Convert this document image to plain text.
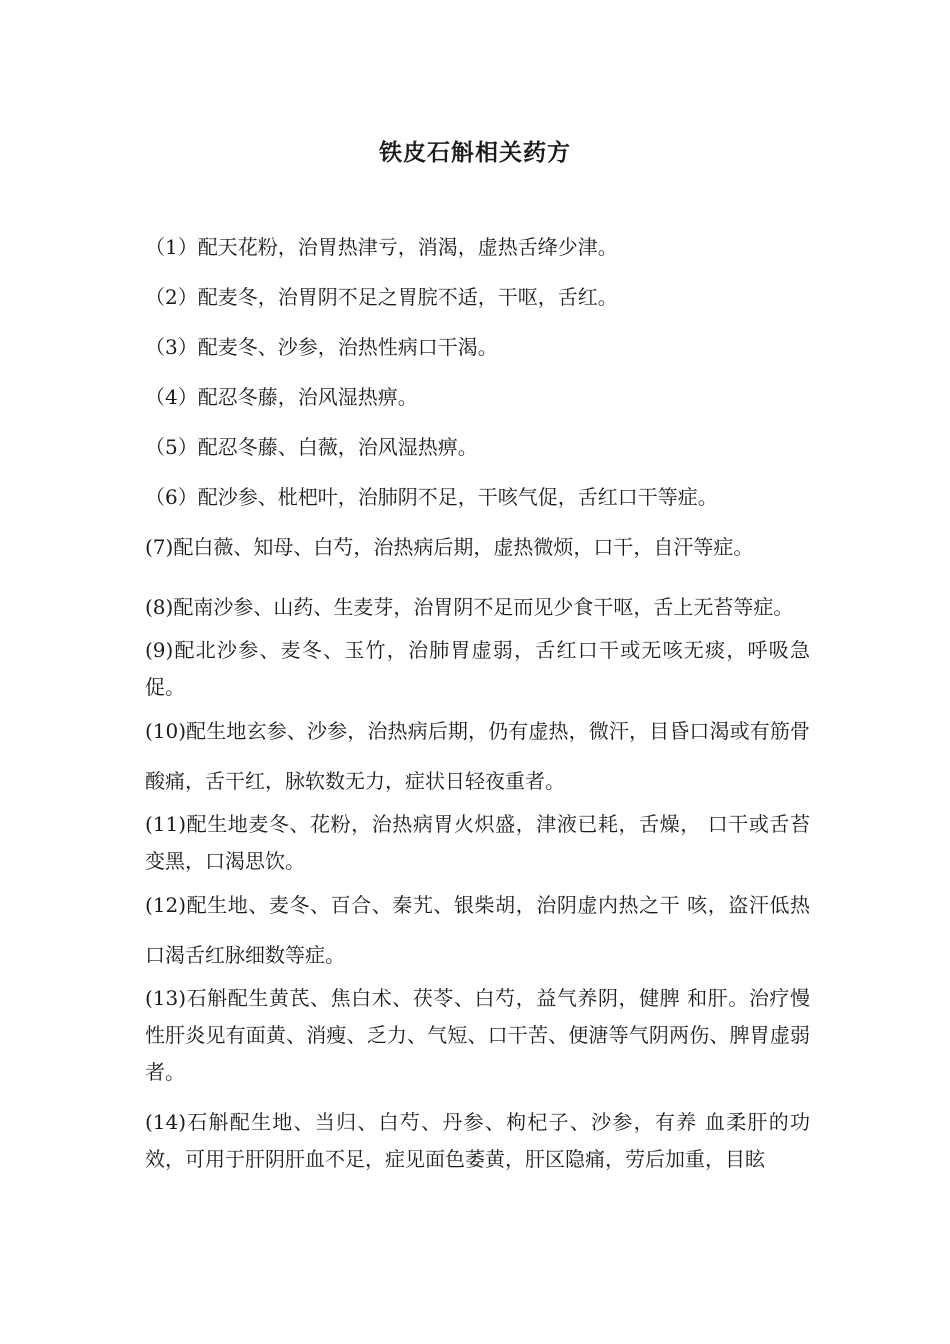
铁皮石斛相关药方

（1）配天花粉，治胃热津亏，消渴，虚热舌绛少津。

（2）配麦冬，治胃阴不足之胃脘不适，干呕，舌红。

（3）配麦冬、沙参，治热性病口干渴。

（4）配忍冬藤，治风湿热痹。

（5）配忍冬藤、白薇，治风湿热痹。

（6）配沙参、枇杷叶，治肺阴不足，干咳气促，舌红口干等症。

(7)配白薇、知母、白芍，治热病后期，虚热微烦，口干，自汗等症。

(8)配南沙参、山药、生麦芽，治胃阴不足而见少食干呕，舌上无苔等症。

(9)配北沙参、麦冬、玉竹，治肺胃虚弱，舌红口干或无咳无痰，呼吸急促。

(10)配生地玄参、沙参，治热病后期，仍有虚热，微汗，目昏口渴或有筋骨酸痛，舌干红，脉软数无力，症状日轻夜重者。

(11)配生地麦冬、花粉，治热病胃火炽盛，津液已耗，舌燥， 口干或舌苔变黑，口渴思饮。

(12)配生地、麦冬、百合、秦艽、银柴胡，治阴虚内热之干 咳，盗汗低热口渴舌红脉细数等症。

(13)石斛配生黄芪、焦白术、茯苓、白芍，益气养阴，健脾 和肝。治疗慢性肝炎见有面黄、消瘦、乏力、气短、口干苦、便溏等气阴两伤、脾胃虚弱者。

(14)石斛配生地、当归、白芍、丹参、枸杞子、沙参，有养 血柔肝的功效，可用于肝阴肝血不足，症见面色萎黄，肝区隐痛，劳后加重，目眩
